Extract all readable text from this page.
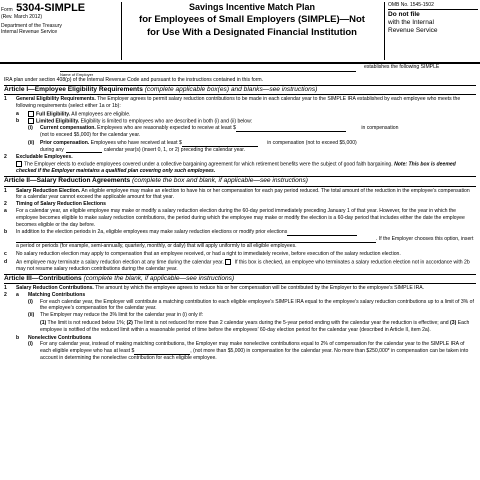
Form 5304-SIMPLE
(Rev. March 2012)
Department of the Treasury
Internal Revenue Service
Savings Incentive Match Plan
for Employees of Small Employers (SIMPLE)—Not
for Use With a Designated Financial Institution
OMB No. 1545-1502
Do not file
with the Internal
Revenue Service
establishes the following SIMPLE
Name of Employer
IRA plan under section 408(p) of the Internal Revenue Code and pursuant to the instructions contained in this form.
Article I—Employee Eligibility Requirements (complete applicable box(es) and blanks—see instructions)
1 General Eligibility Requirements. The Employer agrees to permit salary reduction contributions to be made in each calendar year to the SIMPLE IRA established by each employee who meets the following requirements (select either 1a or 1b):
a	Full Eligibility. All employees are eligible.
b	Limited Eligibility. Eligibility is limited to employees who are described in both (i) and (ii) below:
(i) Current compensation. Employees who are reasonably expected to receive at least $	in compensation
(not to exceed $5,000) for the calendar year.
(ii) Prior compensation. Employees who have received at least $	in compensation (not to exceed $5,000)
during any	calendar year(s) (insert 0, 1, or 2) preceding the calendar year.
2 Excludable Employees.
The Employer elects to exclude employees covered under a collective bargaining agreement for which retirement benefits were the subject of good faith bargaining. Note: This box is deemed checked if the Employer maintains a qualified plan covering only such employees.
Article II—Salary Reduction Agreements (complete the box and blank, if applicable—see instructions)
1 Salary Reduction Election. An eligible employee may make an election to have his or her compensation for each pay period reduced. The total amount of the reduction in the employee’s compensation for a calendar year cannot exceed the applicable amount for that year.
2 Timing of Salary Reduction Elections
a For a calendar year, an eligible employee may make or modify a salary reduction election during the 60-day period immediately preceding January 1 of that year. However, for the year in which the employee becomes eligible to make salary reduction contributions, the period during which the employee may make or modify the election is a 60-day period that includes either the date the employee becomes eligible or the day before.
b In addition to the election periods in 2a, eligible employees may make salary reduction elections or modify prior elections
. If the Employer chooses this option, insert a period or periods (for example, semi-annually, quarterly, monthly, or daily) that will apply uniformly to all eligible employees.
c No salary reduction election may apply to compensation that an employee received, or had a right to immediately receive, before execution of the salary reduction election.
d An employee may terminate a salary reduction election at any time during the calendar year.  If this box is checked, an employee who terminates a salary reduction election not in accordance with 2b may not resume salary reduction contributions during the calendar year.
Article III—Contributions (complete the blank, if applicable—see instructions)
1 Salary Reduction Contributions. The amount by which the employee agrees to reduce his or her compensation will be contributed by the Employer to the employee’s SIMPLE IRA.
2 a Matching Contributions
(i) For each calendar year, the Employer will contribute a matching contribution to each eligible employee’s SIMPLE IRA equal to the employee’s salary reduction contributions up to a limit of 3% of the employee’s compensation for the calendar year.
(ii) The Employer may reduce the 3% limit for the calendar year in (i) only if:
(1) The limit is not reduced below 1%; (2) The limit is not reduced for more than 2 calendar years during the 5-year period ending with the calendar year the reduction is effective; and (3) Each employee is notified of the reduced limit within a reasonable period of time before the employees’ 60-day election period for the calendar year (described in Article II, item 2a).
b Nonelective Contributions
(i) For any calendar year, instead of making matching contributions, the Employer may make nonelective contributions equal to 2% of compensation for the calendar year to the SIMPLE IRA of each eligible employee who has at least $	, (not more than $5,000) in compensation for the calendar year. No more than $250,000* in compensation can be taken into account in determining the nonelective contribution for each eligible employee.
